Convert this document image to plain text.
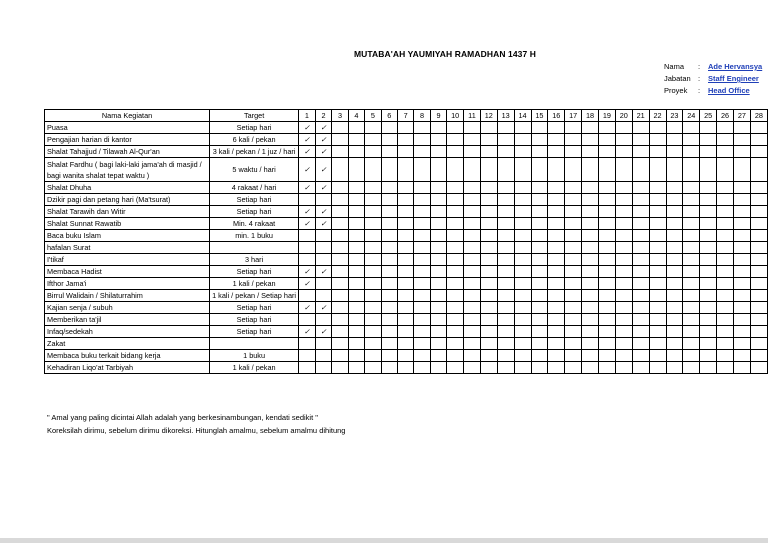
MUTABA'AH YAUMIYAH RAMADHAN 1437 H
Nama : Ade Hervansya
Jabatan : Staff Engineer
Proyek : Head Office
Nama Kegiatan	Target	1	2	3	4	5	6	7	8	9	10	11	12	13	14	15	16	17	18	19	20	21	22	23	24	25	26	27	28
Puasa	Setiap hari	✓	✓																										
Pengajian harian di kantor	6 kali / pekan	✓	✓																										
Shalat Tahajjud / Tilawah Al-Qur'an	3 kali / pekan / 1 juz / hari	✓	✓																										
Shalat Fardhu ( bagi laki-laki jama'ah di masjid / bagi wanita shalat tepat waktu )	5 waktu / hari	✓	✓																										
Shalat Dhuha	4 rakaat / hari	✓	✓																										
Dzikir pagi dan petang hari (Ma'tsurat)	Setiap hari																												
Shalat Tarawih dan Witir	Setiap hari	✓	✓																										
Shalat Sunnat Rawatib	Min. 4 rakaat	✓	✓																										
Baca buku Islam	min. 1 buku																												
hafalan Surat																													
I'tikaf	3 hari																												
Membaca Hadist	Setiap hari	✓	✓																										
Ifthor Jama'i	1 kali / pekan	✓																											
Birrul Walidain / Shilaturrahim	1 kali / pekan / Setiap hari																												
Kajian senja / subuh	Setiap hari	✓	✓																										
Memberikan ta'jil	Setiap hari																												
Infaq/sedekah	Setiap hari	✓	✓																										
Zakat																													
Membaca buku terkait bidang kerja	1 buku																												
Kehadiran Liqo'at Tarbiyah	1 kali / pekan																												
" Amal yang paling dicintai Allah adalah yang berkesinambungan, kendati sedikit "
Koreksilah dirimu, sebelum dirimu dikoreksi. Hitunglah amalmu, sebelum amalmu dihitung
